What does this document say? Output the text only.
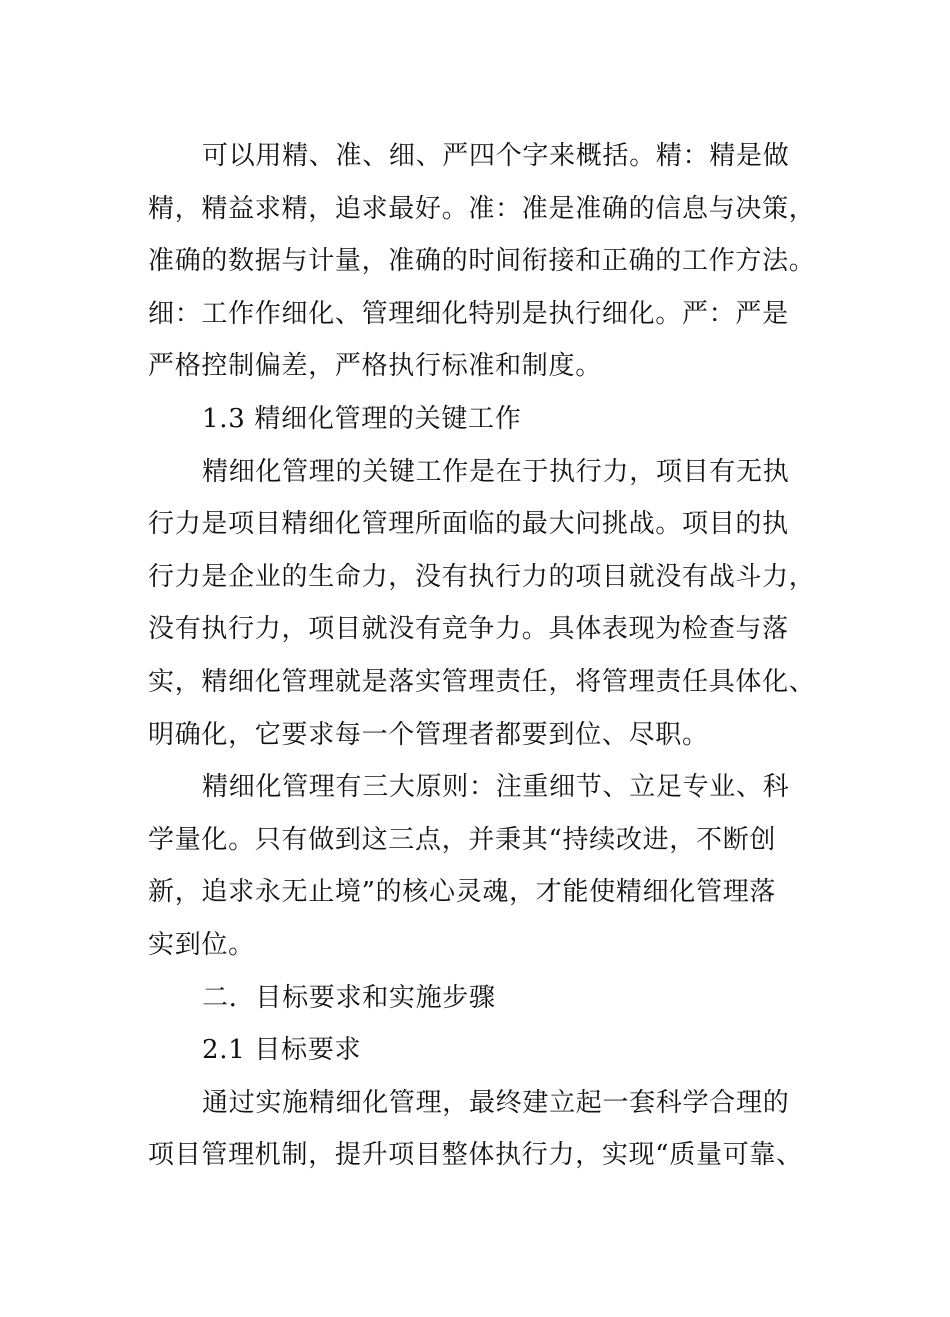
可以用精、准、细、严四个字来概括。精：精是做
精，精益求精，追求最好。准：准是准确的信息与决策，
准确的数据与计量，准确的时间衔接和正确的工作方法。
细：工作作细化、管理细化特别是执行细化。严：严是
严格控制偏差，严格执行标准和制度。
1.3 精细化管理的关键工作
精细化管理的关键工作是在于执行力，项目有无执
行力是项目精细化管理所面临的最大问挑战。项目的执
行力是企业的生命力，没有执行力的项目就没有战斗力，
没有执行力，项目就没有竞争力。具体表现为检查与落
实，精细化管理就是落实管理责任，将管理责任具体化、
明确化，它要求每一个管理者都要到位、尽职。
精细化管理有三大原则：注重细节、立足专业、科
学量化。只有做到这三点，并秉其“持续改进，不断创
新，追求永无止境”的核心灵魂，才能使精细化管理落
实到位。
二．目标要求和实施步骤
2.1 目标要求
通过实施精细化管理，最终建立起一套科学合理的
项目管理机制，提升项目整体执行力，实现“质量可靠、
